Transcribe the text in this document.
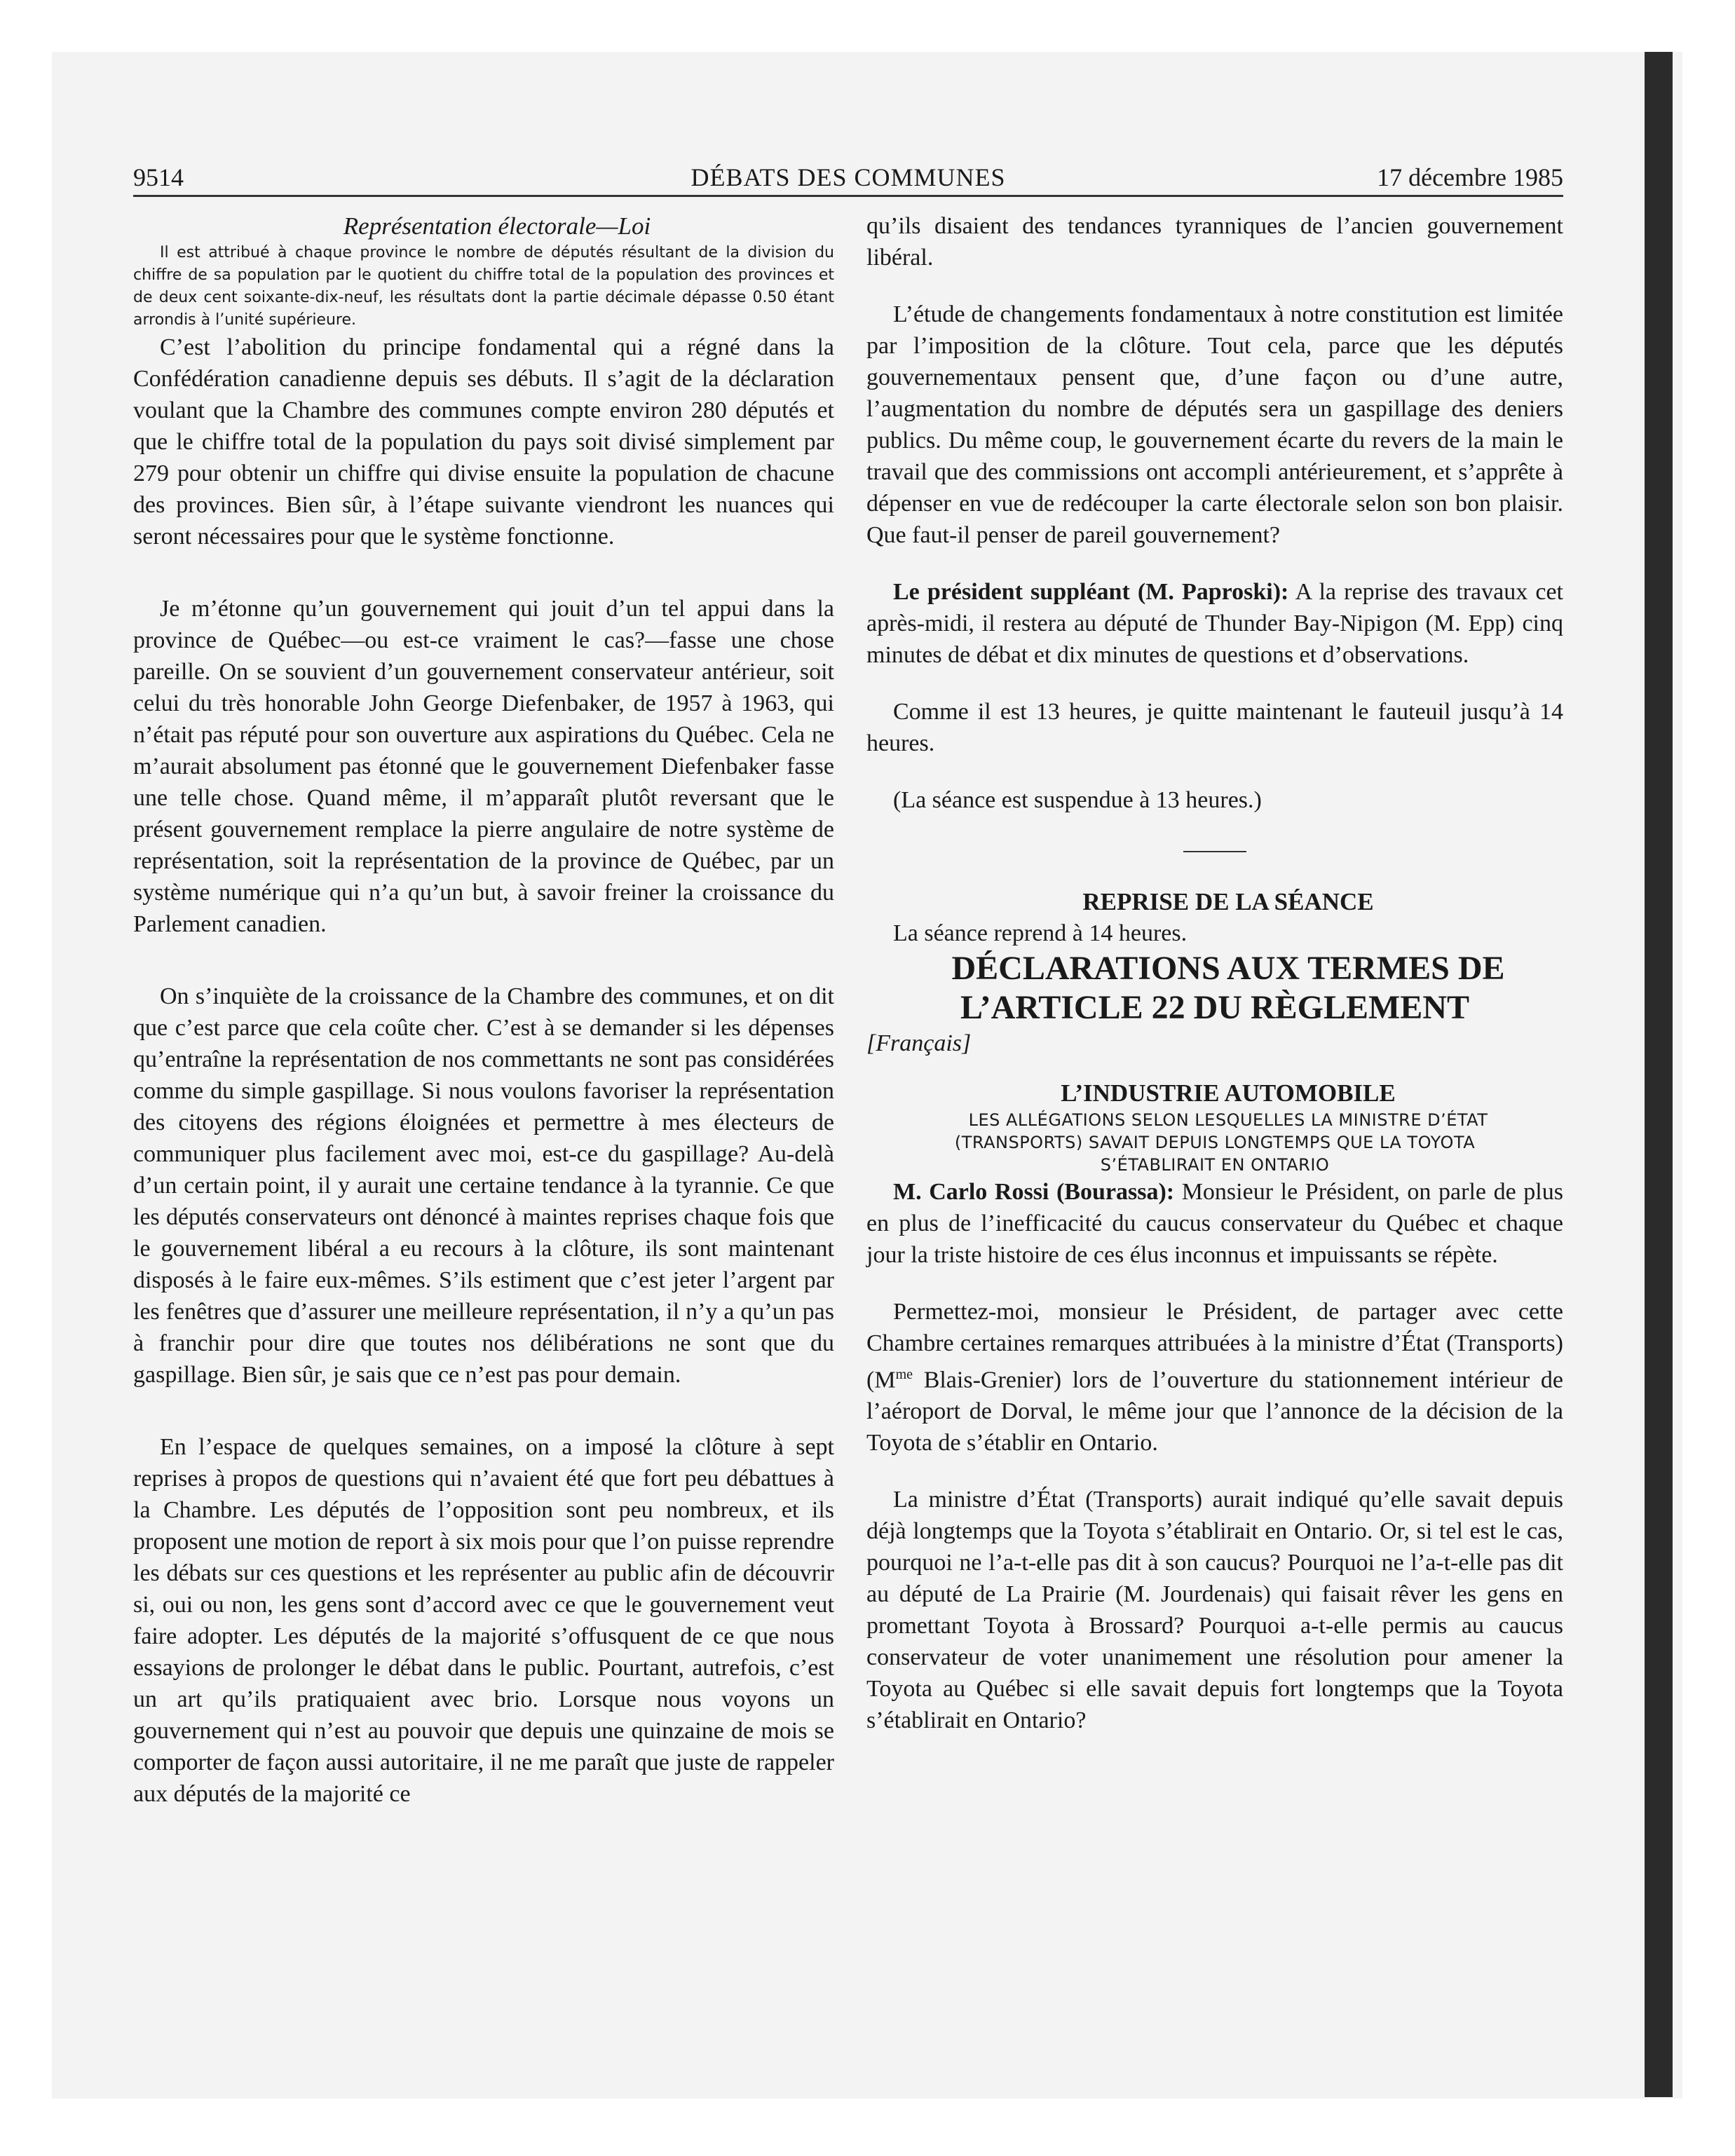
9514	DÉBATS DES COMMUNES	17 décembre 1985

Représentation électorale—Loi

Il est attribué à chaque province le nombre de députés résultant de la division du chiffre de sa population par le quotient du chiffre total de la population des provinces et de deux cent soixante-dix-neuf, les résultats dont la partie décimale dépasse 0.50 étant arrondis à l’unité supérieure.

C’est l’abolition du principe fondamental qui a régné dans la Confédération canadienne depuis ses débuts. Il s’agit de la déclaration voulant que la Chambre des communes compte environ 280 députés et que le chiffre total de la population du pays soit divisé simplement par 279 pour obtenir un chiffre qui divise ensuite la population de chacune des provinces. Bien sûr, à l’étape suivante viendront les nuances qui seront nécessaires pour que le système fonctionne.

Je m’étonne qu’un gouvernement qui jouit d’un tel appui dans la province de Québec—ou est-ce vraiment le cas?—fasse une chose pareille. On se souvient d’un gouvernement conservateur antérieur, soit celui du très honorable John George Diefenbaker, de 1957 à 1963, qui n’était pas réputé pour son ouverture aux aspirations du Québec. Cela ne m’aurait absolument pas étonné que le gouvernement Diefenbaker fasse une telle chose. Quand même, il m’apparaît plutôt reversant que le présent gouvernement remplace la pierre angulaire de notre système de représentation, soit la représentation de la province de Québec, par un système numérique qui n’a qu’un but, à savoir freiner la croissance du Parlement canadien.

On s’inquiète de la croissance de la Chambre des communes, et on dit que c’est parce que cela coûte cher. C’est à se demander si les dépenses qu’entraîne la représentation de nos commettants ne sont pas considérées comme du simple gaspillage. Si nous voulons favoriser la représentation des citoyens des régions éloignées et permettre à mes électeurs de communiquer plus facilement avec moi, est-ce du gaspillage? Au-delà d’un certain point, il y aurait une certaine tendance à la tyrannie. Ce que les députés conservateurs ont dénoncé à maintes reprises chaque fois que le gouvernement libéral a eu recours à la clôture, ils sont maintenant disposés à le faire eux-mêmes. S’ils estiment que c’est jeter l’argent par les fenêtres que d’assurer une meilleure représentation, il n’y a qu’un pas à franchir pour dire que toutes nos délibérations ne sont que du gaspillage. Bien sûr, je sais que ce n’est pas pour demain.

En l’espace de quelques semaines, on a imposé la clôture à sept reprises à propos de questions qui n’avaient été que fort peu débattues à la Chambre. Les députés de l’opposition sont peu nombreux, et ils proposent une motion de report à six mois pour que l’on puisse reprendre les débats sur ces questions et les représenter au public afin de découvrir si, oui ou non, les gens sont d’accord avec ce que le gouvernement veut faire adopter. Les députés de la majorité s’offusquent de ce que nous essayions de prolonger le débat dans le public. Pourtant, autrefois, c’est un art qu’ils pratiquaient avec brio. Lorsque nous voyons un gouvernement qui n’est au pouvoir que depuis une quinzaine de mois se comporter de façon aussi autoritaire, il ne me paraît que juste de rappeler aux députés de la majorité ce

qu’ils disaient des tendances tyranniques de l’ancien gouvernement libéral.

L’étude de changements fondamentaux à notre constitution est limitée par l’imposition de la clôture. Tout cela, parce que les députés gouvernementaux pensent que, d’une façon ou d’une autre, l’augmentation du nombre de députés sera un gaspillage des deniers publics. Du même coup, le gouvernement écarte du revers de la main le travail que des commissions ont accompli antérieurement, et s’apprête à dépenser en vue de redécouper la carte électorale selon son bon plaisir. Que faut-il penser de pareil gouvernement?

Le président suppléant (M. Paproski): A la reprise des travaux cet après-midi, il restera au député de Thunder Bay-Nipigon (M. Epp) cinq minutes de débat et dix minutes de questions et d’observations.

Comme il est 13 heures, je quitte maintenant le fauteuil jusqu’à 14 heures.

(La séance est suspendue à 13 heures.)

REPRISE DE LA SÉANCE

La séance reprend à 14 heures.

DÉCLARATIONS AUX TERMES DE
L’ARTICLE 22 DU RÈGLEMENT

[Français]

L’INDUSTRIE AUTOMOBILE

LES ALLÉGATIONS SELON LESQUELLES LA MINISTRE D’ÉTAT
(TRANSPORTS) SAVAIT DEPUIS LONGTEMPS QUE LA TOYOTA
S’ÉTABLIRAIT EN ONTARIO

M. Carlo Rossi (Bourassa): Monsieur le Président, on parle de plus en plus de l’inefficacité du caucus conservateur du Québec et chaque jour la triste histoire de ces élus inconnus et impuissants se répète.

Permettez-moi, monsieur le Président, de partager avec cette Chambre certaines remarques attribuées à la ministre d’État (Transports) ($M^{me}$ Blais-Grenier) lors de l’ouverture du stationnement intérieur de l’aéroport de Dorval, le même jour que l’annonce de la décision de la Toyota de s’établir en Ontario.

La ministre d’État (Transports) aurait indiqué qu’elle savait depuis déjà longtemps que la Toyota s’établirait en Ontario. Or, si tel est le cas, pourquoi ne l’a-t-elle pas dit à son caucus? Pourquoi ne l’a-t-elle pas dit au député de La Prairie (M. Jourdenais) qui faisait rêver les gens en promettant Toyota à Brossard? Pourquoi a-t-elle permis au caucus conservateur de voter unanimement une résolution pour amener la Toyota au Québec si elle savait depuis fort longtemps que la Toyota s’établirait en Ontario?
